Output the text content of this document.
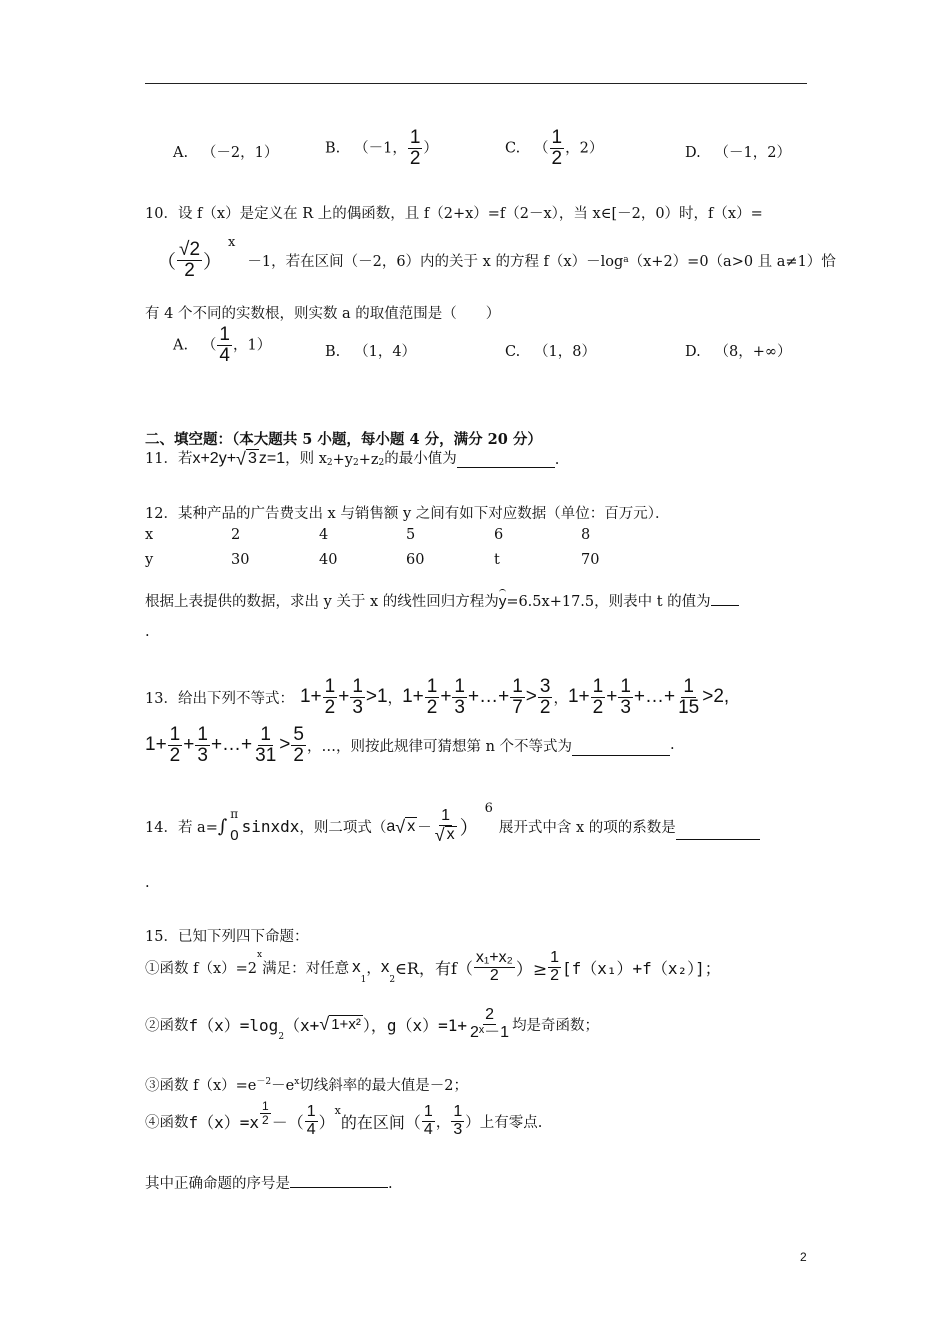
A. （－2，1）	B. （－1， $\frac{1}{2}$ ）	C. （ $\frac{1}{2}$ ，2）	D. （－1，2）
10．设 f（x）是定义在 R 上的偶函数，且 f（2+x）=f（2－x），当 x∈[－2，0）时，f（x）=
（ $\frac{√2}{2}$ ）
x
－1，若在区间（－2，6）内的关于 x 的方程 f（x）－log a （x+2）=0（a>0 且 a≠1）恰
有 4 个不同的实数根，则实数 a 的取值范围是（　　）
A. （ $\frac{1}{4}$ ，1）	B. （1，4）	C. （1，8）	D. （8，+∞）
二、填空题：（本大题共 5 小题，每小题 4 分，满分 20 分）
11．若 x+2y+ √ 3 z=1 ，则 x 2 +y 2 +z 2 的最小值为	.
12．某种产品的广告费支出 x 与销售额 y 之间有如下对应数据（单位：百万元）．
x	2	4	5	6	8
y	30	40	60	t	70
根据上表提供的数据，求出 y 关于 x 的线性回归方程为y=6.5x+17.5，则表中 t 的值为
.
13．给出下列不等式： $1+ \frac{1}{2} + \frac{1}{3} >1$ ， $1+ \frac{1}{2} + \frac{1}{3}$ +…+ $\frac{1}{7} > \frac{3}{2}$ ， $1+ \frac{1}{2} + \frac{1}{3}$ +…+ $\frac{1}{15} >2$,
$1+ \frac{1}{2} + \frac{1}{3}$ +…+ $\frac{1}{31} > \frac{5}{2}$ ，…，则按此规律可猜想第 n 个不等式为	.
14．若 a= ∫
π
0 sinxdx ，则二项式（ a √ $x - \frac{1}{√ x}$ ）
6
展开式中含 x 的项的系数是
.
15．已知下列四下命题：
①函数 f（x）=2
x
满足：对任意 x
1
， x
2
∈R，有$f( \frac{\text{x₁+x₂}}{2}$ ）≥ $\frac{1}{2} [f(x_1)+f(x_2)]$；
②函数 f（x）=log
2
（x+ √ 1+x² ），$g(x)=1+ \frac{2}{\text{2ˣ－1}}$ 均是奇函数；
③函数 $f(x)=e^{-2}-e^x$切线斜率的最大值是－2；
④函数 $f(x)=x \frac{1}{2}$ －（ $\frac{1}{4}$ ）
x
的在区间（ $\frac{1}{4}$ ， $\frac{1}{3}$ ）上有零点.
其中正确命题的序号是	.
2
